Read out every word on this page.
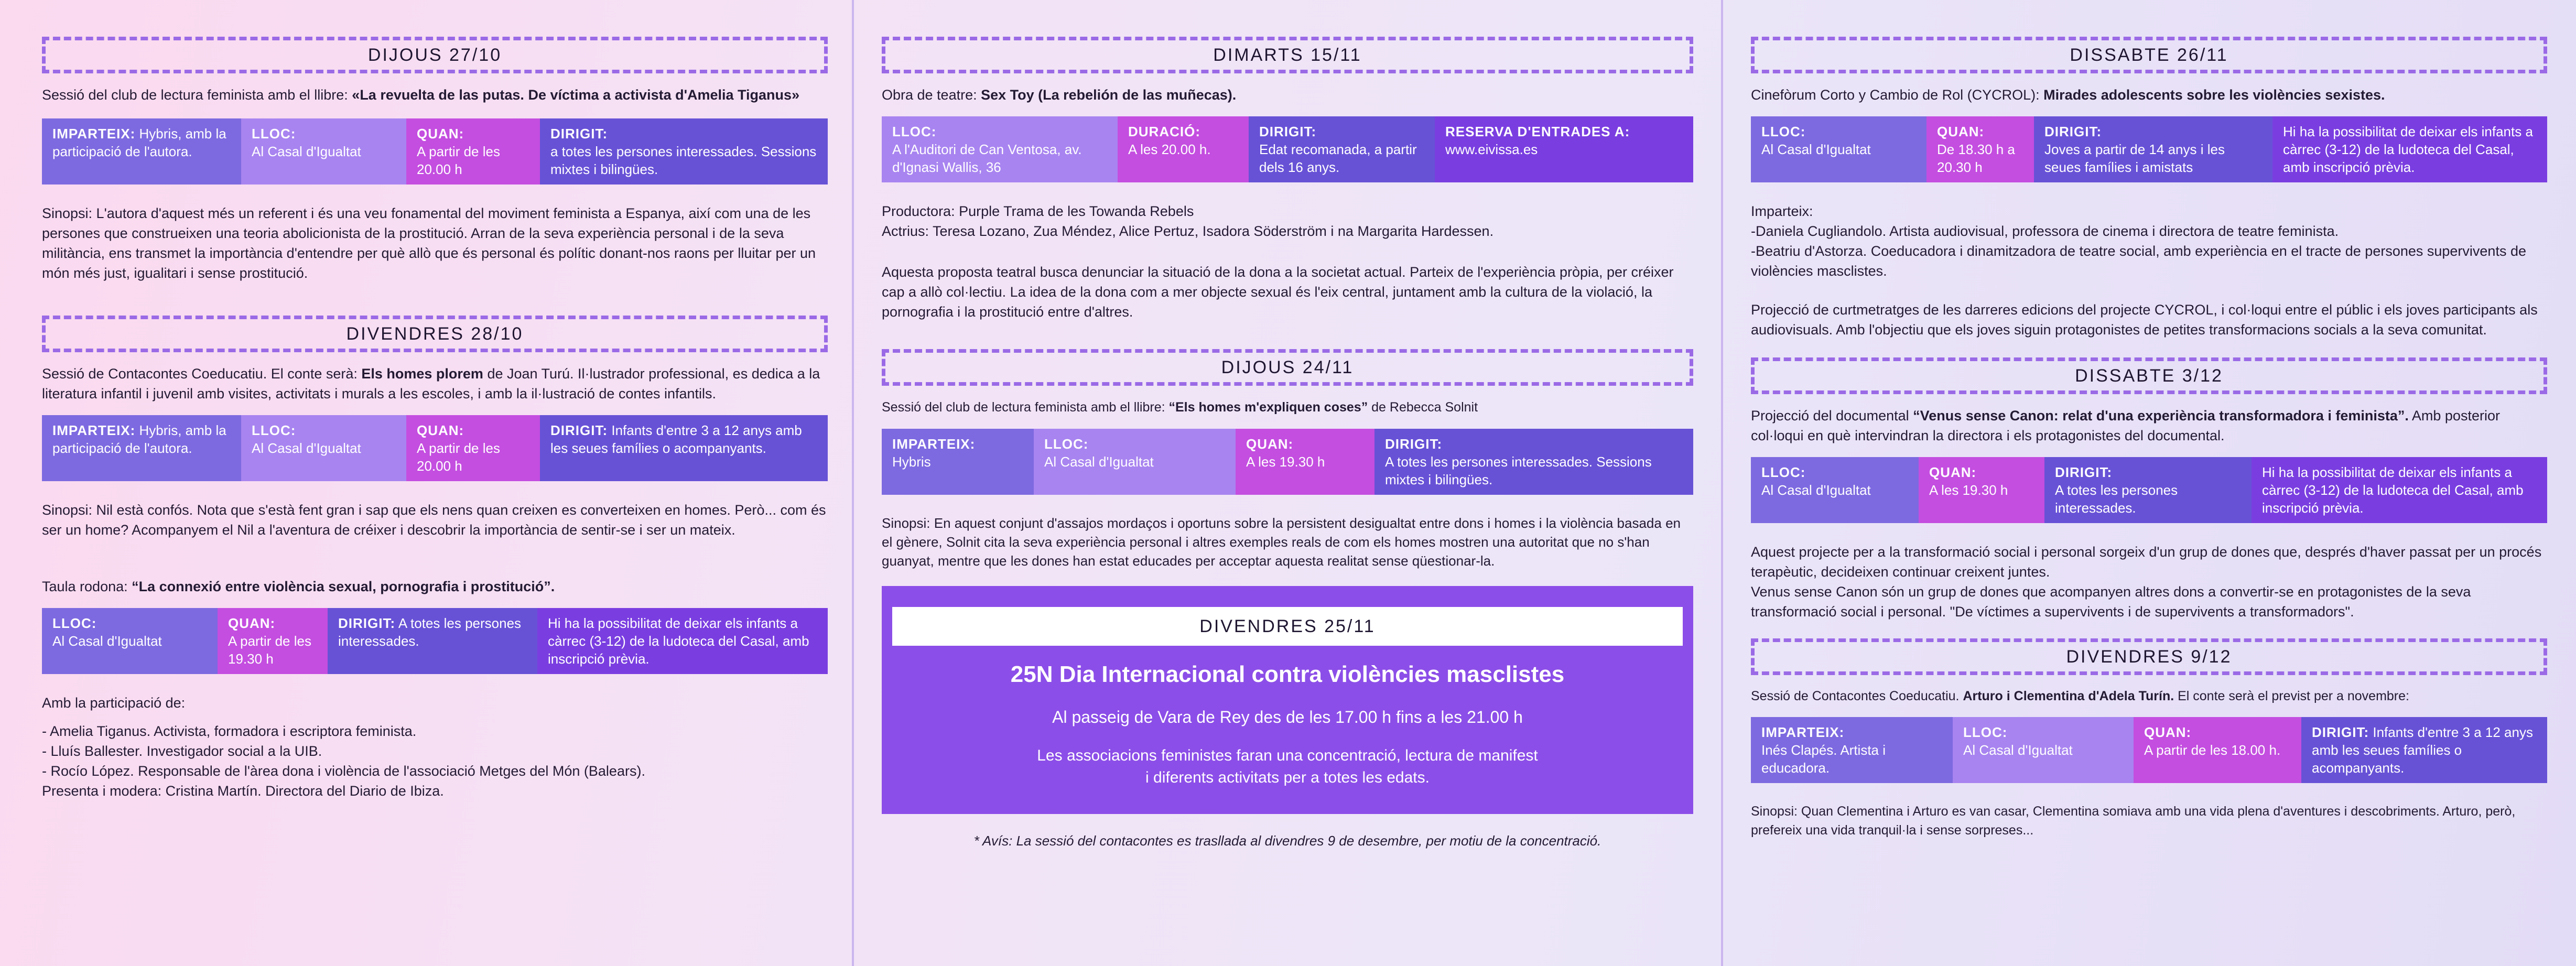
DIJOUS 27/10
Sessió del club de lectura feminista amb el llibre: «La revuelta de las putas. De víctima a activista d'Amelia Tiganus»
IMPARTEIX: Hybris, amb la participació de l'autora.
LLOC:
Al Casal d'Igualtat
QUAN:
A partir de les 20.00 h
DIRIGIT:
a totes les persones interessades. Sessions mixtes i bilingües.
Sinopsi: L'autora d'aquest més un referent i és una veu fonamental del moviment feminista a Espanya, així com una de les persones que construeixen una teoria abolicionista de la prostitució. Arran de la seva experiència personal i de la seva militància, ens transmet la importància d'entendre per què allò que és personal és polític donant-nos raons per lluitar per un món més just, igualitari i sense prostitució.
DIVENDRES 28/10
Sessió de Contacontes Coeducatiu. El conte serà: Els homes plorem de Joan Turú. Il·lustrador professional, es dedica a la literatura infantil i juvenil amb visites, activitats i murals a les escoles, i amb la il·lustració de contes infantils.
IMPARTEIX: Hybris, amb la participació de l'autora.
LLOC:
Al Casal d'Igualtat
QUAN:
A partir de les 20.00 h
DIRIGIT: Infants d'entre 3 a 12 anys amb les seues famílies o acompanyants.
Sinopsi: Nil està confós. Nota que s'està fent gran i sap que els nens quan creixen es converteixen en homes. Però... com és ser un home? Acompanyem el Nil a l'aventura de créixer i descobrir la importància de sentir-se i ser un mateix.
Taula rodona: “La connexió entre violència sexual, pornografia i prostitució”.
LLOC:
Al Casal d'Igualtat
QUAN:
A partir de les 19.30 h
DIRIGIT: A totes les persones interessades.
Hi ha la possibilitat de deixar els infants a càrrec (3-12) de la ludoteca del Casal, amb inscripció prèvia.
Amb la participació de:
- Amelia Tiganus. Activista, formadora i escriptora feminista.
- Lluís Ballester. Investigador social a la UIB.
- Rocío López. Responsable de l'àrea dona i violència de l'associació Metges del Món (Balears).
Presenta i modera: Cristina Martín. Directora del Diario de Ibiza.
DIMARTS 15/11
Obra de teatre: Sex Toy (La rebelión de las muñecas).
LLOC:
A l'Auditori de Can Ventosa, av. d'Ignasi Wallis, 36
DURACIÓ:
A les 20.00 h.
DIRIGIT:
Edat recomanada, a partir dels 16 anys.
RESERVA D'ENTRADES A:
www.eivissa.es
Productora: Purple Trama de les Towanda Rebels
Actrius: Teresa Lozano, Zua Méndez, Alice Pertuz, Isadora Söderström i na Margarita Hardessen.
Aquesta proposta teatral busca denunciar la situació de la dona a la societat actual. Parteix de l'experiència pròpia, per créixer cap a allò col·lectiu. La idea de la dona com a mer objecte sexual és l'eix central, juntament amb la cultura de la violació, la pornografia i la prostitució entre d'altres.
DIJOUS 24/11
Sessió del club de lectura feminista amb el llibre: “Els homes m'expliquen coses” de Rebecca Solnit
IMPARTEIX:
Hybris
LLOC:
Al Casal d'Igualtat
QUAN:
A les 19.30 h
DIRIGIT:
A totes les persones interessades. Sessions mixtes i bilingües.
Sinopsi: En aquest conjunt d'assajos mordaços i oportuns sobre la persistent desigualtat entre dons i homes i la violència basada en el gènere, Solnit cita la seva experiència personal i altres exemples reals de com els homes mostren una autoritat que no s'han guanyat, mentre que les dones han estat educades per acceptar aquesta realitat sense qüestionar-la.
DIVENDRES 25/11
25N Dia Internacional contra violències masclistes
Al passeig de Vara de Rey des de les 17.00 h fins a les 21.00 h
Les associacions feministes faran una concentració, lectura de manifest
i diferents activitats per a totes les edats.
* Avís: La sessió del contacontes es trasllada al divendres 9 de desembre, per motiu de la concentració.
DISSABTE 26/11
Cinefòrum Corto y Cambio de Rol (CYCROL): Mirades adolescents sobre les violències sexistes.
LLOC:
Al Casal d'Igualtat
QUAN:
De 18.30 h a 20.30 h
DIRIGIT:
Joves a partir de 14 anys i les seues famílies i amistats
Hi ha la possibilitat de deixar els infants a càrrec (3-12) de la ludoteca del Casal, amb inscripció prèvia.
Imparteix:
-Daniela Cugliandolo. Artista audiovisual, professora de cinema i directora de teatre feminista.
-Beatriu d'Astorza. Coeducadora i dinamitzadora de teatre social, amb experiència en el tracte de persones supervivents de violències masclistes.
Projecció de curtmetratges de les darreres edicions del projecte CYCROL, i col·loqui entre el públic i els joves participants als audiovisuals. Amb l'objectiu que els joves siguin protagonistes de petites transformacions socials a la seva comunitat.
DISSABTE 3/12
Projecció del documental “Venus sense Canon: relat d'una experiència transformadora i feminista”. Amb posterior col·loqui en què intervindran la directora i els protagonistes del documental.
LLOC:
Al Casal d'Igualtat
QUAN:
A les 19.30 h
DIRIGIT:
A totes les persones interessades.
Hi ha la possibilitat de deixar els infants a càrrec (3-12) de la ludoteca del Casal, amb inscripció prèvia.
Aquest projecte per a la transformació social i personal sorgeix d'un grup de dones que, després d'haver passat per un procés terapèutic, decideixen continuar creixent juntes.
Venus sense Canon són un grup de dones que acompanyen altres dons a convertir-se en protagonistes de la seva transformació social i personal. "De víctimes a supervivents i de supervivents a transformadors".
DIVENDRES 9/12
Sessió de Contacontes Coeducatiu. Arturo i Clementina d'Adela Turín. El conte serà el previst per a novembre:
IMPARTEIX:
Inés Clapés. Artista i educadora.
LLOC:
Al Casal d'Igualtat
QUAN:
A partir de les 18.00 h.
DIRIGIT: Infants d'entre 3 a 12 anys amb les seues famílies o acompanyants.
Sinopsi: Quan Clementina i Arturo es van casar, Clementina somiava amb una vida plena d'aventures i descobriments. Arturo, però, prefereix una vida tranquil·la i sense sorpreses...
